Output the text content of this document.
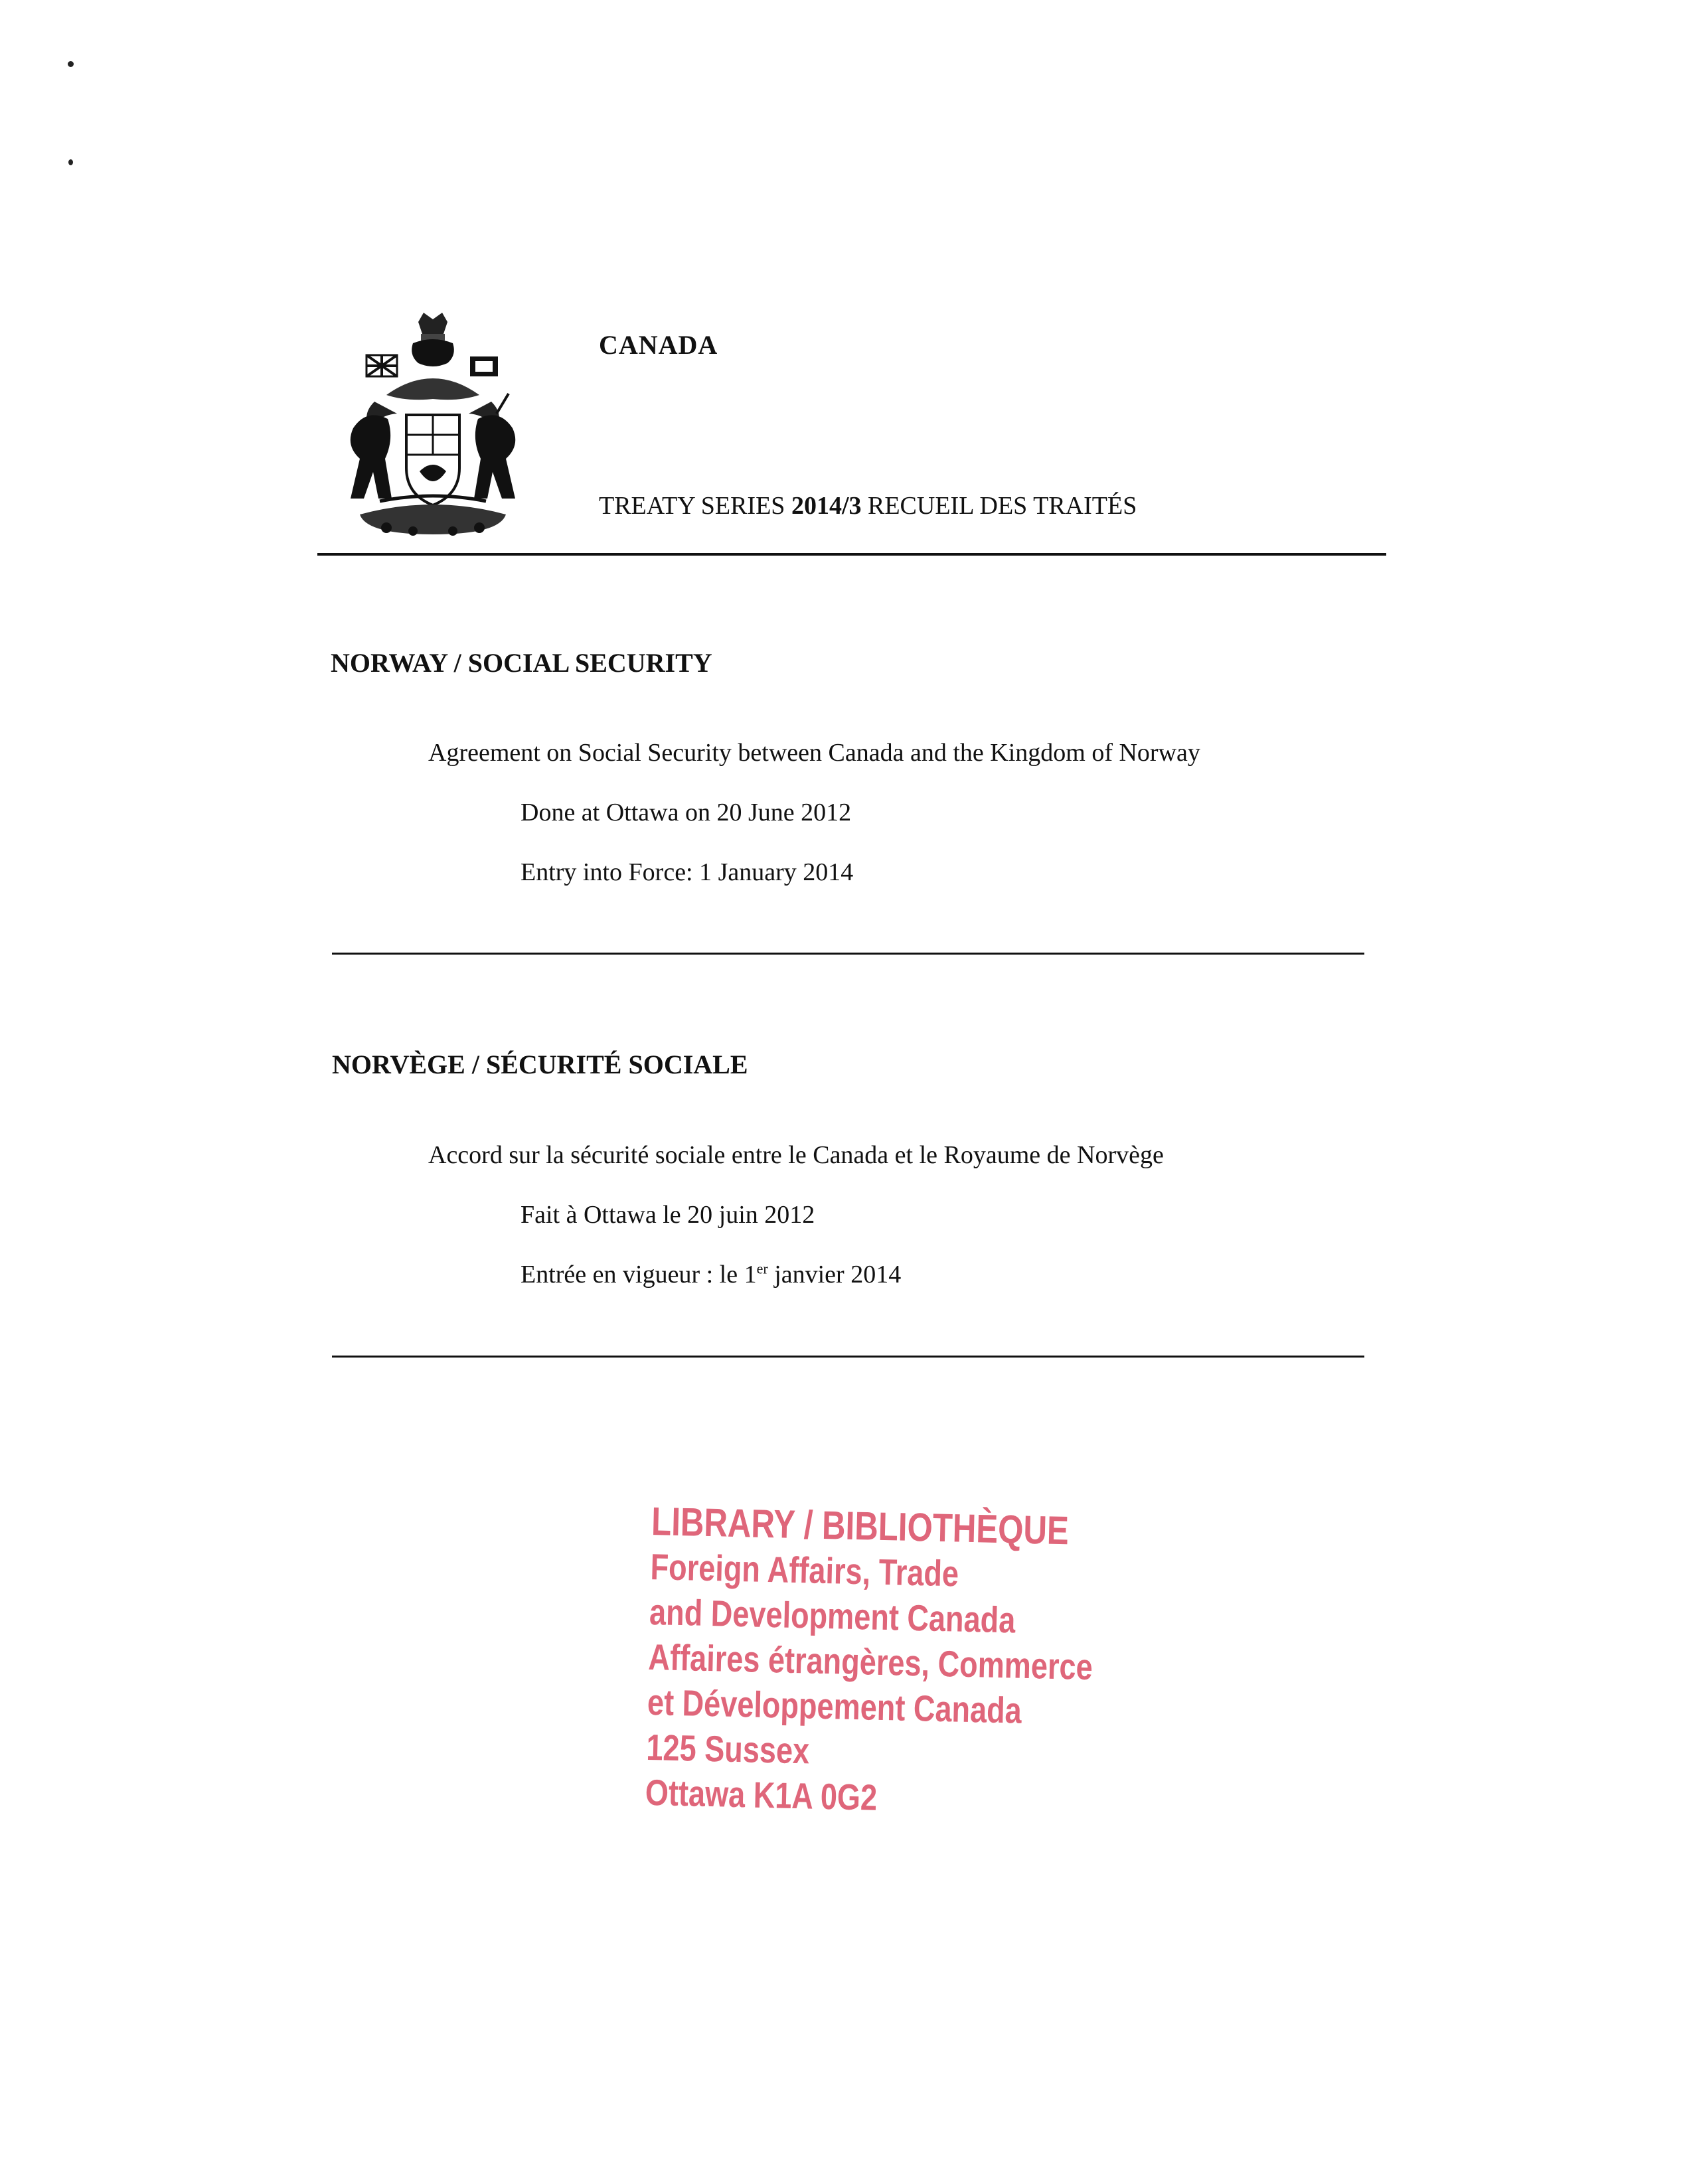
CANADA
TREATY SERIES 2014/3 RECUEIL DES TRAITÉS
NORWAY / SOCIAL SECURITY
Agreement on Social Security between Canada and the Kingdom of Norway
Done at Ottawa on 20 June 2012
Entry into Force: 1 January 2014
NORVÈGE / SÉCURITÉ SOCIALE
Accord sur la sécurité sociale entre le Canada et le Royaume de Norvège
Fait à Ottawa le 20 juin 2012
Entrée en vigueur : le 1er janvier 2014
LIBRARY / BIBLIOTHÈQUE
Foreign Affairs, Trade
and Development Canada
Affaires étrangères, Commerce
et Développement Canada
125 Sussex
Ottawa K1A 0G2
